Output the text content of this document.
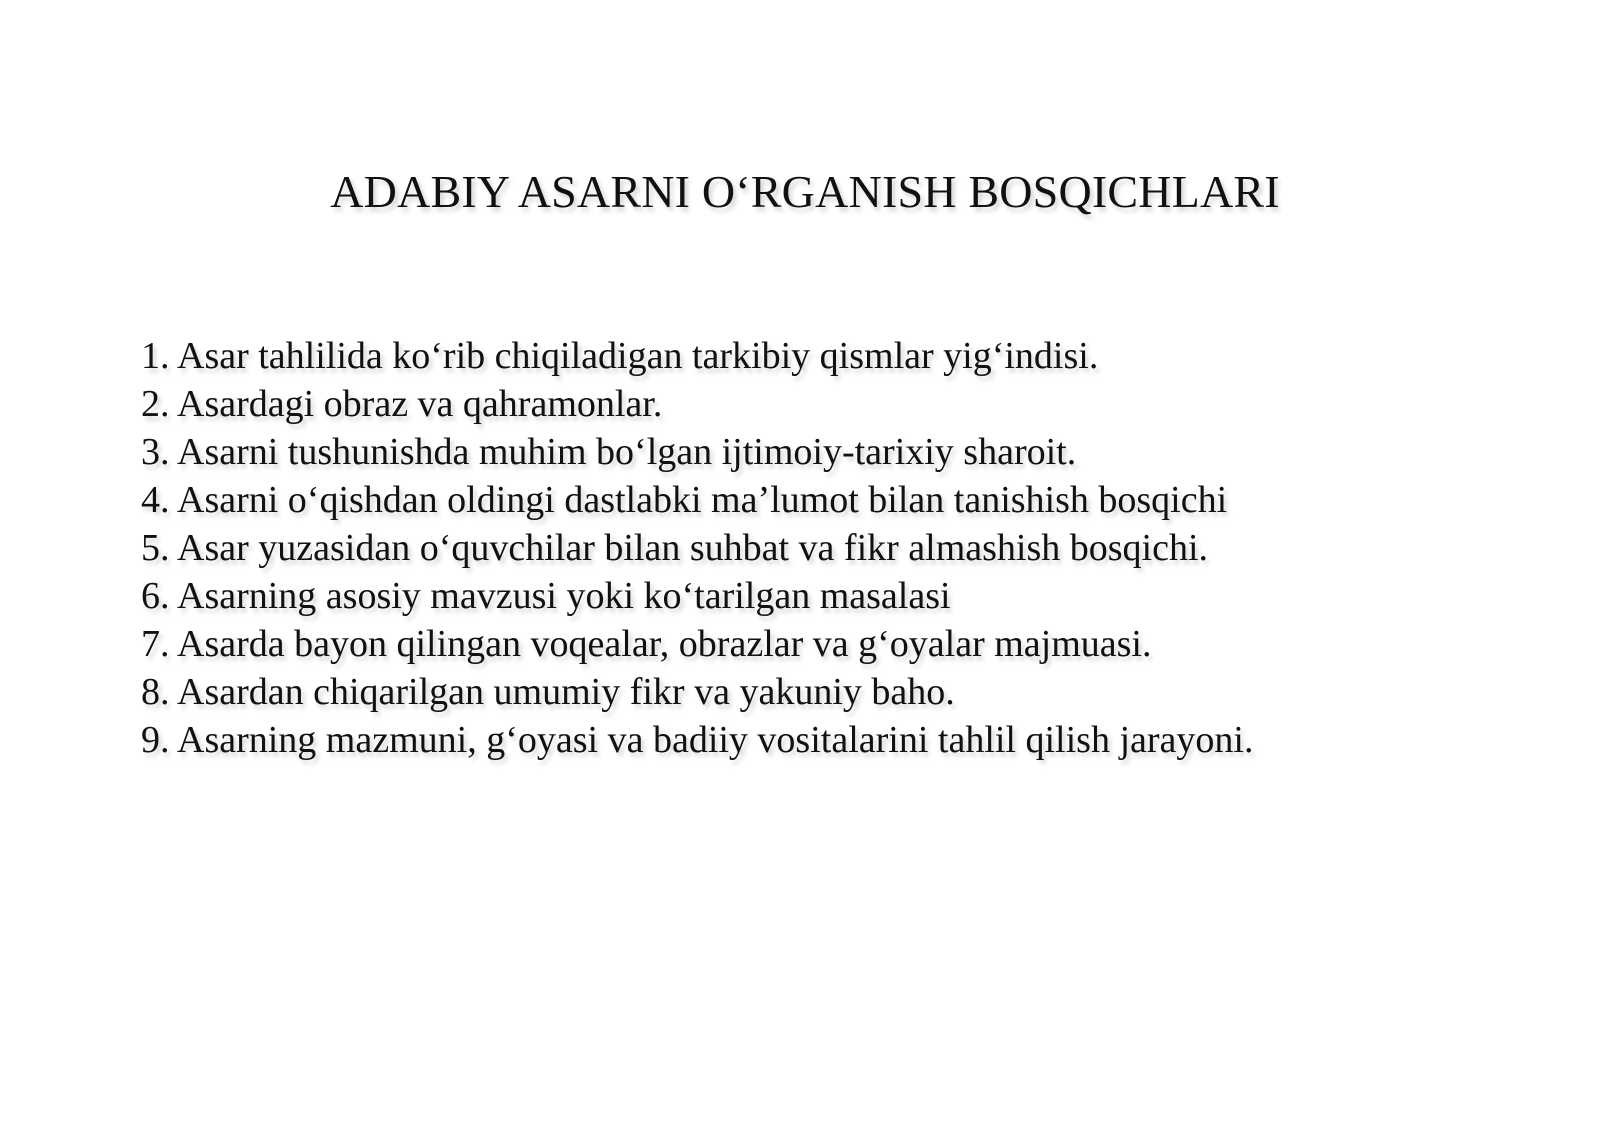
ADABIY ASARNI O‘RGANISH BOSQICHLARI
1. Asar tahlilida ko‘rib chiqiladigan tarkibiy qismlar yig‘indisi.
2. Asardagi obraz va qahramonlar.
3. Asarni tushunishda muhim bo‘lgan ijtimoiy-tarixiy sharoit.
4. Asarni o‘qishdan oldingi dastlabki ma’lumot bilan tanishish bosqichi
5. Asar yuzasidan o‘quvchilar bilan suhbat va fikr almashish bosqichi.
6. Asarning asosiy mavzusi yoki ko‘tarilgan masalasi
7. Asarda bayon qilingan voqealar, obrazlar va g‘oyalar majmuasi.
8. Asardan chiqarilgan umumiy fikr va yakuniy baho.
9. Asarning mazmuni, g‘oyasi va badiiy vositalarini tahlil qilish jarayoni.
